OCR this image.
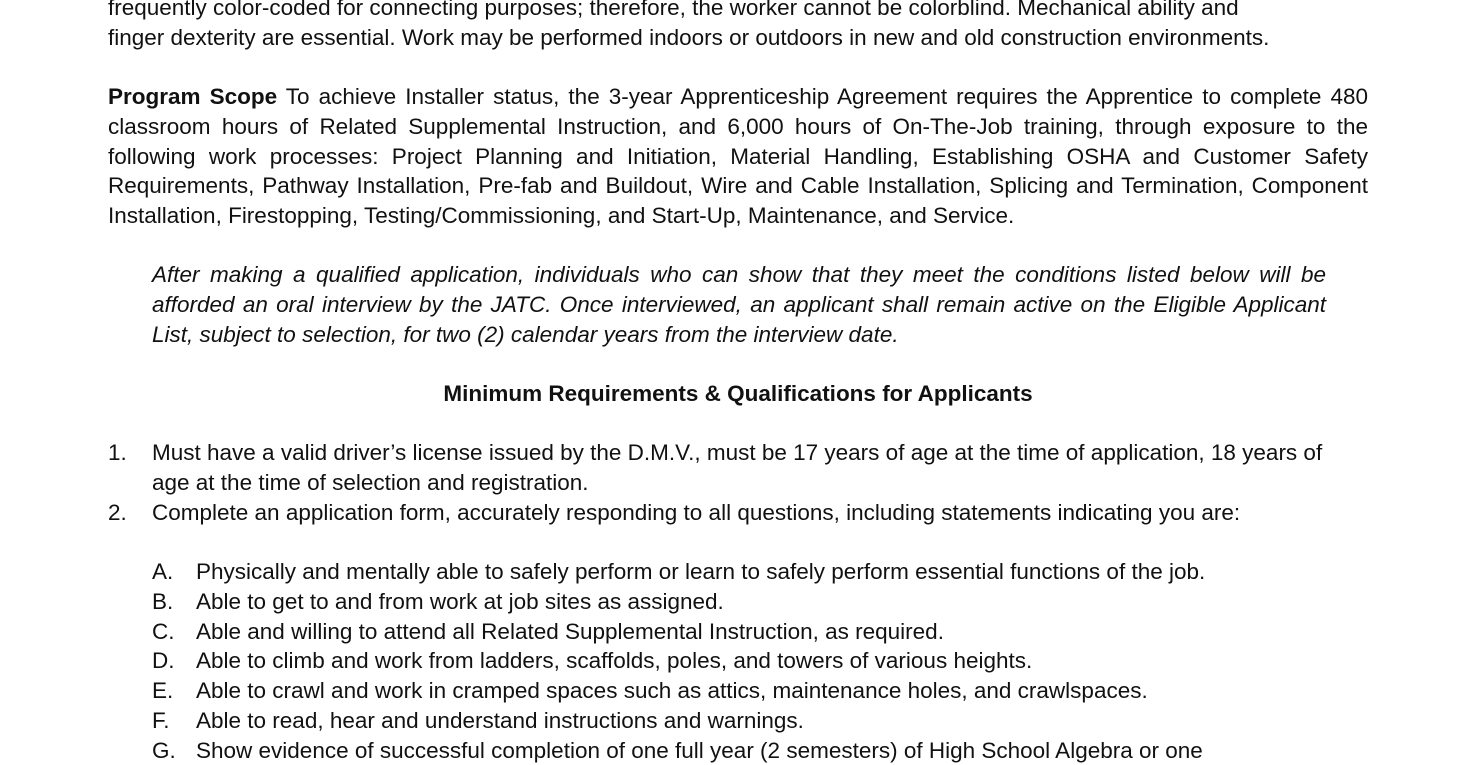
frequently color-coded for connecting purposes; therefore, the worker cannot be colorblind. Mechanical ability and

finger dexterity are essential. Work may be performed indoors or outdoors in new and old construction environments.

Program Scope To achieve Installer status, the 3-year Apprenticeship Agreement requires the Apprentice to complete 480 classroom hours of Related Supplemental Instruction, and 6,000 hours of On-The-Job training, through exposure to the following work processes: Project Planning and Initiation, Material Handling, Establishing OSHA and Customer Safety Requirements, Pathway Installation, Pre-fab and Buildout, Wire and Cable Installation, Splicing and Termination, Component Installation, Firestopping, Testing/Commissioning, and Start-Up, Maintenance, and Service.

After making a qualified application, individuals who can show that they meet the conditions listed below will be afforded an oral interview by the JATC. Once interviewed, an applicant shall remain active on the Eligible Applicant List, subject to selection, for two (2) calendar years from the interview date.

Minimum Requirements & Qualifications for Applicants

1.	Must have a valid driver’s license issued by the D.M.V., must be 17 years of age at the time of application, 18 years of age at the time of selection and registration.
2.	Complete an application form, accurately responding to all questions, including statements indicating you are:
A.	Physically and mentally able to safely perform or learn to safely perform essential functions of the job.
B.	Able to get to and from work at job sites as assigned.
C. Able and willing to attend all Related Supplemental Instruction, as required.
D. Able to climb and work from ladders, scaffolds, poles, and towers of various heights.
E.	Able to crawl and work in cramped spaces such as attics, maintenance holes, and crawlspaces.
F.	Able to read, hear and understand instructions and warnings.
G. Show evidence of successful completion of one full year (2 semesters) of High School Algebra or one
